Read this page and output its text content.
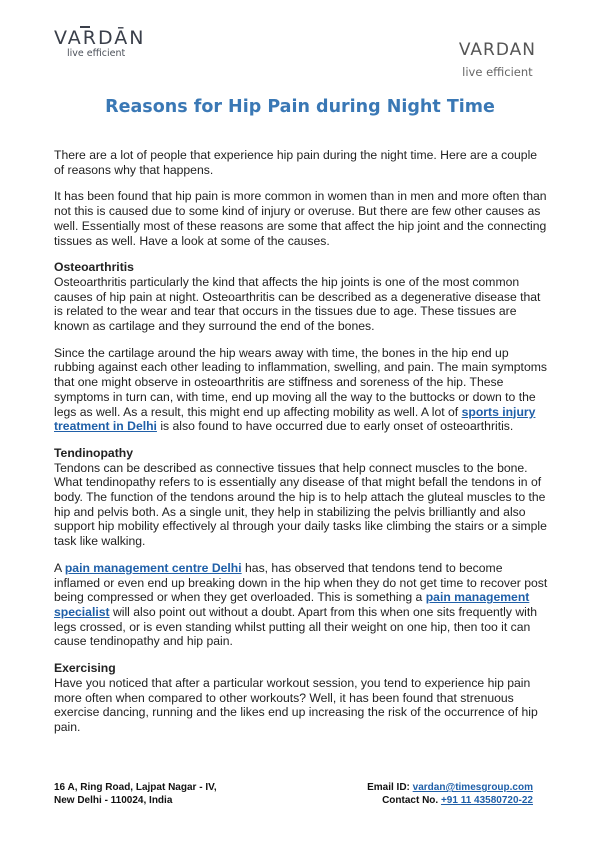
VARDĀN
live efficient	VARDAN
live efficient
Reasons for Hip Pain during Night Time

There are a lot of people that experience hip pain during the night time. Here are a couple of reasons why that happens.

It has been found that hip pain is more common in women than in men and more often than not this is caused due to some kind of injury or overuse. But there are few other causes as well. Essentially most of these reasons are some that affect the hip joint and the connecting tissues as well. Have a look at some of the causes.

Osteoarthritis

Osteoarthritis particularly the kind that affects the hip joints is one of the most common causes of hip pain at night. Osteoarthritis can be described as a degenerative disease that is related to the wear and tear that occurs in the tissues due to age. These tissues are known as cartilage and they surround the end of the bones.

Since the cartilage around the hip wears away with time, the bones in the hip end up rubbing against each other leading to inflammation, swelling, and pain. The main symptoms that one might observe in osteoarthritis are stiffness and soreness of the hip. These symptoms in turn can, with time, end up moving all the way to the buttocks or down to the legs as well. As a result, this might end up affecting mobility as well. A lot of sports injury treatment in Delhi is also found to have occurred due to early onset of osteoarthritis.

Tendinopathy

Tendons can be described as connective tissues that help connect muscles to the bone. What tendinopathy refers to is essentially any disease of that might befall the tendons in of body. The function of the tendons around the hip is to help attach the gluteal muscles to the hip and pelvis both. As a single unit, they help in stabilizing the pelvis brilliantly and also support hip mobility effectively al through your daily tasks like climbing the stairs or a simple task like walking.

A pain management centre Delhi has, has observed that tendons tend to become inflamed or even end up breaking down in the hip when they do not get time to recover post being compressed or when they get overloaded. This is something a pain management specialist will also point out without a doubt. Apart from this when one sits frequently with legs crossed, or is even standing whilst putting all their weight on one hip, then too it can cause tendinopathy and hip pain.

Exercising

Have you noticed that after a particular workout session, you tend to experience hip pain more often when compared to other workouts? Well, it has been found that strenuous exercise dancing, running and the likes end up increasing the risk of the occurrence of hip pain.

16 A, Ring Road, Lajpat Nagar - IV,
New Delhi - 110024, India
Email ID: vardan@timesgroup.com
Contact No. +91 11 43580720-22
